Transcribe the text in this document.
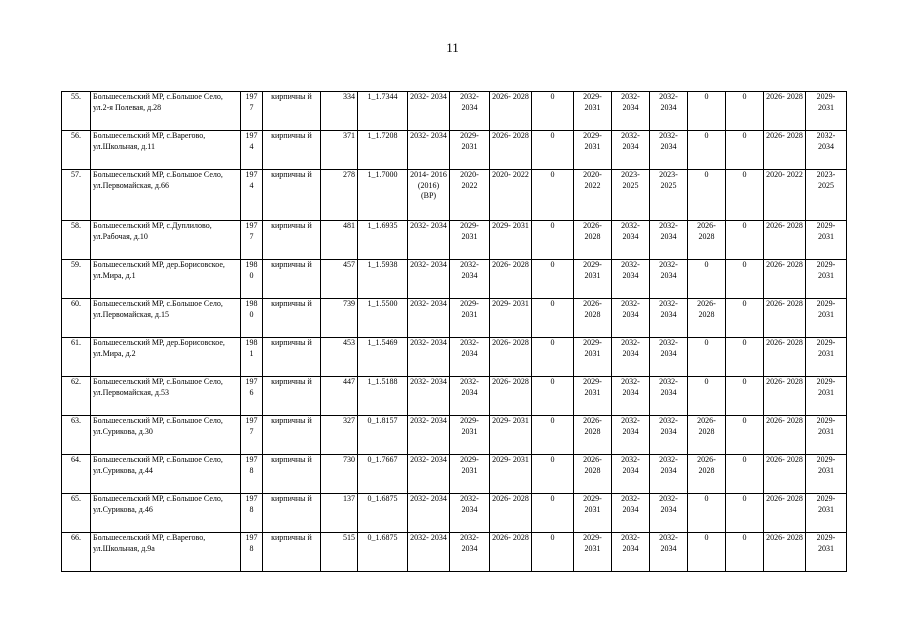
11
55.	Большесельский МР, с.Большое Село, ул.2-я Полевая, д.28	197 7	кирпичны й	334	1_1.7344	2032- 2034	2032- 2034	2026- 2028	0	2029- 2031	2032- 2034	2032- 2034	0	0	2026- 2028	2029- 2031
56.	Большесельский МР, с.Варегово, ул.Школьная, д.11	197 4	кирпичны й	371	1_1.7208	2032- 2034	2029- 2031	2026- 2028	0	2029- 2031	2032- 2034	2032- 2034	0	0	2026- 2028	2032- 2034
57.	Большесельский МР, с.Большое Село, ул.Первомайская, д.66	197 4	кирпичны й	278	1_1.7000	2014- 2016 (2016) (ВР)	2020- 2022	2020- 2022	0	2020- 2022	2023- 2025	2023- 2025	0	0	2020- 2022	2023- 2025
58.	Большесельский МР, с.Дуплилово, ул.Рабочая, д.10	197 7	кирпичны й	481	1_1.6935	2032- 2034	2029- 2031	2029- 2031	0	2026- 2028	2032- 2034	2032- 2034	2026- 2028	0	2026- 2028	2029- 2031
59.	Большесельский МР, дер.Борисовское, ул.Мира, д.1	198 0	кирпичны й	457	1_1.5938	2032- 2034	2032- 2034	2026- 2028	0	2029- 2031	2032- 2034	2032- 2034	0	0	2026- 2028	2029- 2031
60.	Большесельский МР, с.Большое Село, ул.Первомайская, д.15	198 0	кирпичны й	739	1_1.5500	2032- 2034	2029- 2031	2029- 2031	0	2026- 2028	2032- 2034	2032- 2034	2026- 2028	0	2026- 2028	2029- 2031
61.	Большесельский МР, дер.Борисовское, ул.Мира, д.2	198 1	кирпичны й	453	1_1.5469	2032- 2034	2032- 2034	2026- 2028	0	2029- 2031	2032- 2034	2032- 2034	0	0	2026- 2028	2029- 2031
62.	Большесельский МР, с.Большое Село, ул.Первомайская, д.53	197 6	кирпичны й	447	1_1.5188	2032- 2034	2032- 2034	2026- 2028	0	2029- 2031	2032- 2034	2032- 2034	0	0	2026- 2028	2029- 2031
63.	Большесельский МР, с.Большое Село, ул.Сурикова, д.30	197 7	кирпичны й	327	0_1.8157	2032- 2034	2029- 2031	2029- 2031	0	2026- 2028	2032- 2034	2032- 2034	2026- 2028	0	2026- 2028	2029- 2031
64.	Большесельский МР, с.Большое Село, ул.Сурикова, д.44	197 8	кирпичны й	730	0_1.7667	2032- 2034	2029- 2031	2029- 2031	0	2026- 2028	2032- 2034	2032- 2034	2026- 2028	0	2026- 2028	2029- 2031
65.	Большесельский МР, с.Большое Село, ул.Сурикова, д.46	197 8	кирпичны й	137	0_1.6875	2032- 2034	2032- 2034	2026- 2028	0	2029- 2031	2032- 2034	2032- 2034	0	0	2026- 2028	2029- 2031
66.	Большесельский МР, с.Варегово, ул.Школьная, д.9а	197 8	кирпичны й	515	0_1.6875	2032- 2034	2032- 2034	2026- 2028	0	2029- 2031	2032- 2034	2032- 2034	0	0	2026- 2028	2029- 2031
